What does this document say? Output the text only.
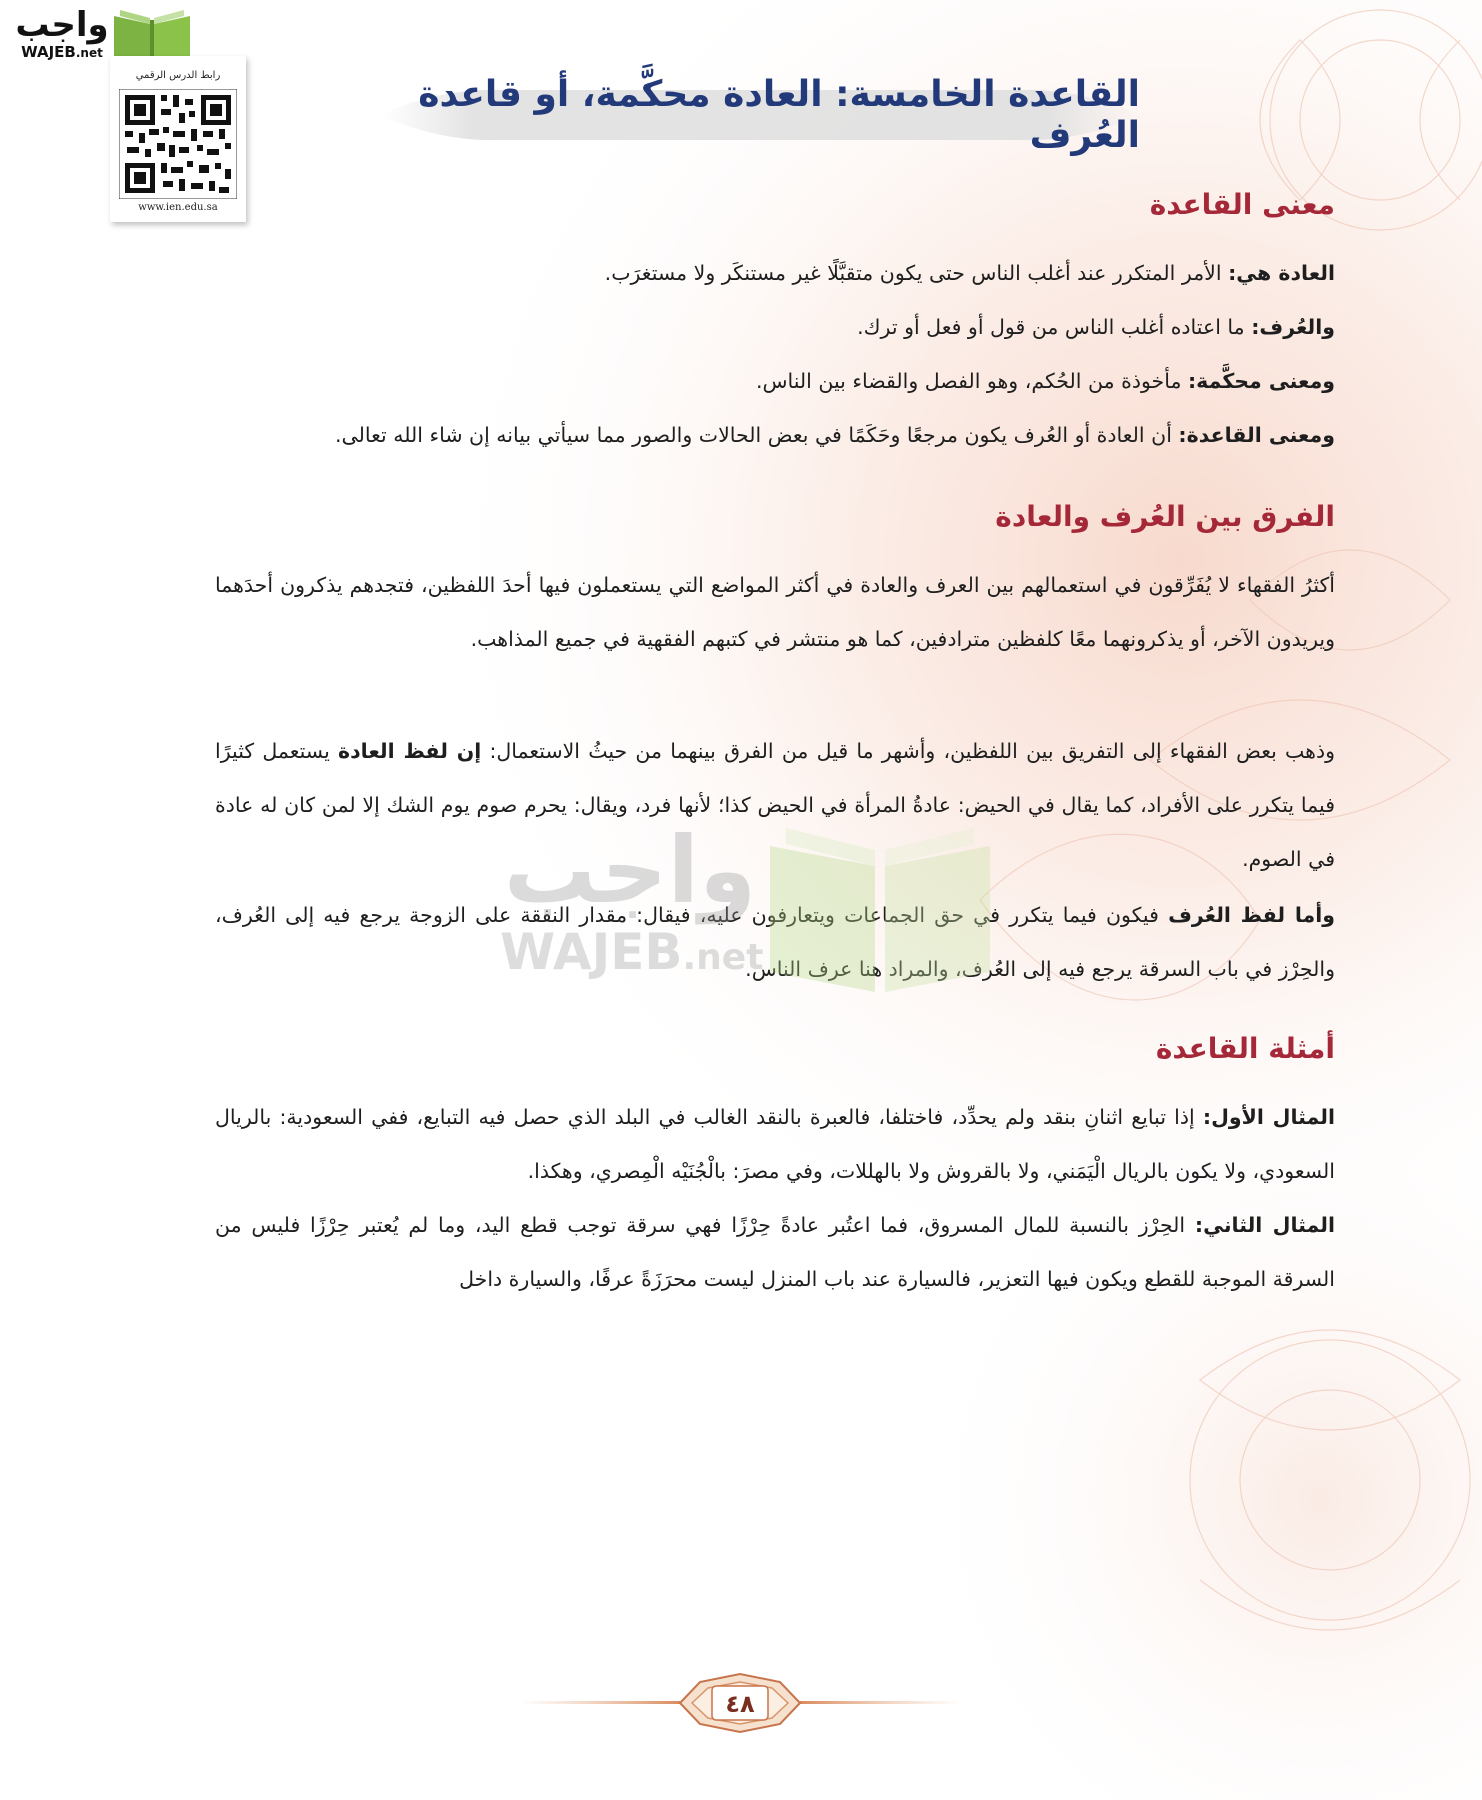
واجب
WAJEB.net
رابط الدرس الرقمي
www.ien.edu.sa
القاعدة الخامسة: العادة محكَّمة، أو قاعدة العُرف
معنى القاعدة
العادة هي: الأمر المتكرر عند أغلب الناس حتى يكون متقبَّلًا غير مستنكَر ولا مستغرَب.
والعُرف: ما اعتاده أغلب الناس من قول أو فعل أو ترك.
ومعنى محكَّمة: مأخوذة من الحُكم، وهو الفصل والقضاء بين الناس.
ومعنى القاعدة: أن العادة أو العُرف يكون مرجعًا وحَكَمًا في بعض الحالات والصور مما سيأتي بيانه إن شاء الله تعالى.
الفرق بين العُرف والعادة
أكثرُ الفقهاء لا يُفَرِّقون في استعمالهم بين العرف والعادة في أكثر المواضع التي يستعملون فيها أحدَ اللفظين، فتجدهم يذكرون أحدَهما ويريدون الآخر، أو يذكرونهما معًا كلفظين مترادفين، كما هو منتشر في كتبهم الفقهية في جميع المذاهب.
وذهب بعض الفقهاء إلى التفريق بين اللفظين، وأشهر ما قيل من الفرق بينهما من حيثُ الاستعمال: إن لفظ العادة يستعمل كثيرًا فيما يتكرر على الأفراد، كما يقال في الحيض: عادةُ المرأة في الحيض كذا؛ لأنها فرد، ويقال: يحرم صوم يوم الشك إلا لمن كان له عادة في الصوم.
وأما لفظ العُرف فيكون فيما يتكرر في حق الجماعات ويتعارفون عليه، فيقال: مقدار النفقة على الزوجة يرجع فيه إلى العُرف، والحِرْز في باب السرقة يرجع فيه إلى العُرف، والمراد هنا عرف الناس.
أمثلة القاعدة
المثال الأول: إذا تبايع اثنانِ بنقد ولم يحدِّد، فاختلفا، فالعبرة بالنقد الغالب في البلد الذي حصل فيه التبايع، ففي السعودية: بالريال السعودي، ولا يكون بالريال الْيَمَني، ولا بالقروش ولا بالهللات، وفي مصرَ: بالْجُنَيْه الْمِصري، وهكذا.
المثال الثاني: الحِرْز بالنسبة للمال المسروق، فما اعتُبر عادةً حِرْزًا فهي سرقة توجب قطع اليد، وما لم يُعتبر حِرْزًا فليس من السرقة الموجبة للقطع ويكون فيها التعزير، فالسيارة عند باب المنزل ليست محرَزَةً عرفًا، والسيارة داخل
واجب
WAJEB.net
٤٨
